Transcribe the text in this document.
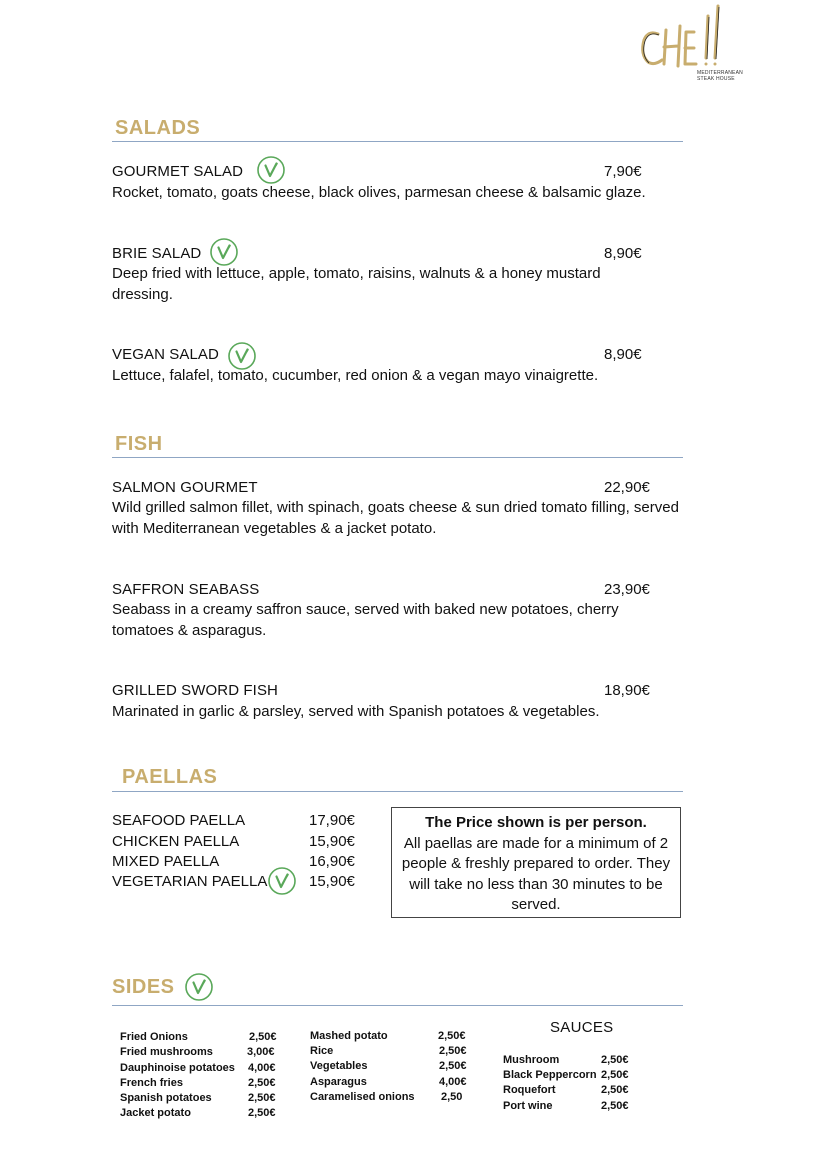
MEDITERRANEAN
STEAK HOUSE
SALADS
GOURMET SALAD	7,90€
Rocket, tomato, goats cheese, black olives, parmesan cheese & balsamic glaze.
BRIE SALAD	8,90€
Deep fried with lettuce, apple, tomato, raisins, walnuts & a honey mustard dressing.
VEGAN SALAD	8,90€
Lettuce, falafel, tomato, cucumber, red onion & a vegan mayo vinaigrette.
FISH
SALMON GOURMET	22,90€
Wild grilled salmon fillet, with spinach, goats cheese & sun dried tomato filling, served with Mediterranean vegetables & a jacket potato.
SAFFRON SEABASS	23,90€
Seabass in a creamy saffron sauce, served with baked new potatoes, cherry tomatoes & asparagus.
GRILLED SWORD FISH	18,90€
Marinated in garlic & parsley, served with Spanish potatoes & vegetables.
PAELLAS
SEAFOOD PAELLA	17,90€
CHICKEN PAELLA	15,90€
MIXED PAELLA	16,90€
VEGETARIAN PAELLA	15,90€
The Price shown is per person.
All paellas are made for a minimum of 2 people & freshly prepared to order. They will take no less than 30 minutes to be served.
SIDES
Fried Onions	2,50€
Fried mushrooms	3,00€
Dauphinoise potatoes 4,00€
French fries	2,50€
Spanish potatoes	2,50€
Jacket potato	2,50€
Mashed potato	2,50€
Rice	2,50€
Vegetables	2,50€
Asparagus	4,00€
Caramelised onions 2,50
SAUCES
Mushroom	2,50€
Black Peppercorn 2,50€
Roquefort	2,50€
Port wine	2,50€
